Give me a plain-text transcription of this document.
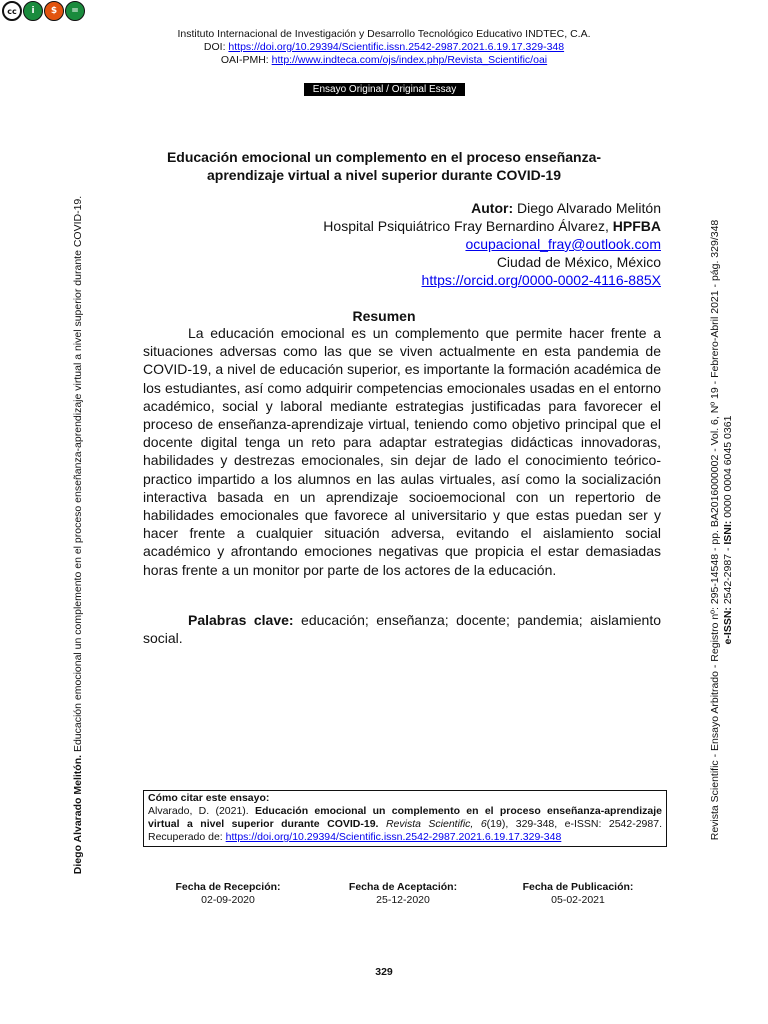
cc	i	$	=
Instituto Internacional de Investigación y Desarrollo Tecnológico Educativo INDTEC, C.A.
DOI: https://doi.org/10.29394/Scientific.issn.2542-2987.2021.6.19.17.329-348
OAI-PMH: http://www.indteca.com/ojs/index.php/Revista_Scientific/oai
Ensayo Original / Original Essay
Educación emocional un complemento en el proceso enseñanza-
aprendizaje virtual a nivel superior durante COVID-19
Autor: Diego Alvarado Melitón
Hospital Psiquiátrico Fray Bernardino Álvarez, HPFBA
ocupacional_fray@outlook.com
Ciudad de México, México
https://orcid.org/0000-0002-4116-885X
Resumen

La educación emocional es un complemento que permite hacer frente a situaciones adversas como las que se viven actualmente en esta pandemia de COVID-19, a nivel de educación superior, es importante la formación académica de los estudiantes, así como adquirir competencias emocionales usadas en el entorno académico, social y laboral mediante estrategias justificadas para favorecer el proceso de enseñanza-aprendizaje virtual, teniendo como objetivo principal que el docente digital tenga un reto para adaptar estrategias didácticas innovadoras, habilidades y destrezas emocionales, sin dejar de lado el conocimiento teórico-practico impartido a los alumnos en las aulas virtuales, así como la socialización interactiva basada en un aprendizaje socioemocional con un repertorio de habilidades emocionales que favorece al universitario y que estas puedan ser y hacer frente a cualquier situación adversa, evitando el aislamiento social académico y afrontando emociones negativas que propicia el estar demasiadas horas frente a un monitor por parte de los actores de la educación.

Palabras clave: educación; enseñanza; docente; pandemia; aislamiento social.

Cómo citar este ensayo:
Alvarado, D. (2021). Educación emocional un complemento en el proceso enseñanza-aprendizaje virtual a nivel superior durante COVID-19. Revista Scientific, 6(19), 329-348, e-ISSN: 2542-2987. Recuperado de: https://doi.org/10.29394/Scientific.issn.2542-2987.2021.6.19.17.329-348
Fecha de Recepción:
02-09-2020
Fecha de Aceptación:
25-12-2020
Fecha de Publicación:
05-02-2021
329
Diego Alvarado Melitón. Educación emocional un complemento en el proceso enseñanza-aprendizaje virtual a nivel superior durante COVID-19.	Revista Scientific - Ensayo Arbitrado - Registro nº: 295-14548 - pp. BA2016000002 - Vol. 6, Nº 19 - Febrero-Abril 2021 - pág. 329/348 e-ISSN: 2542-2987 - ISNI: 0000 0004 6045 0361
